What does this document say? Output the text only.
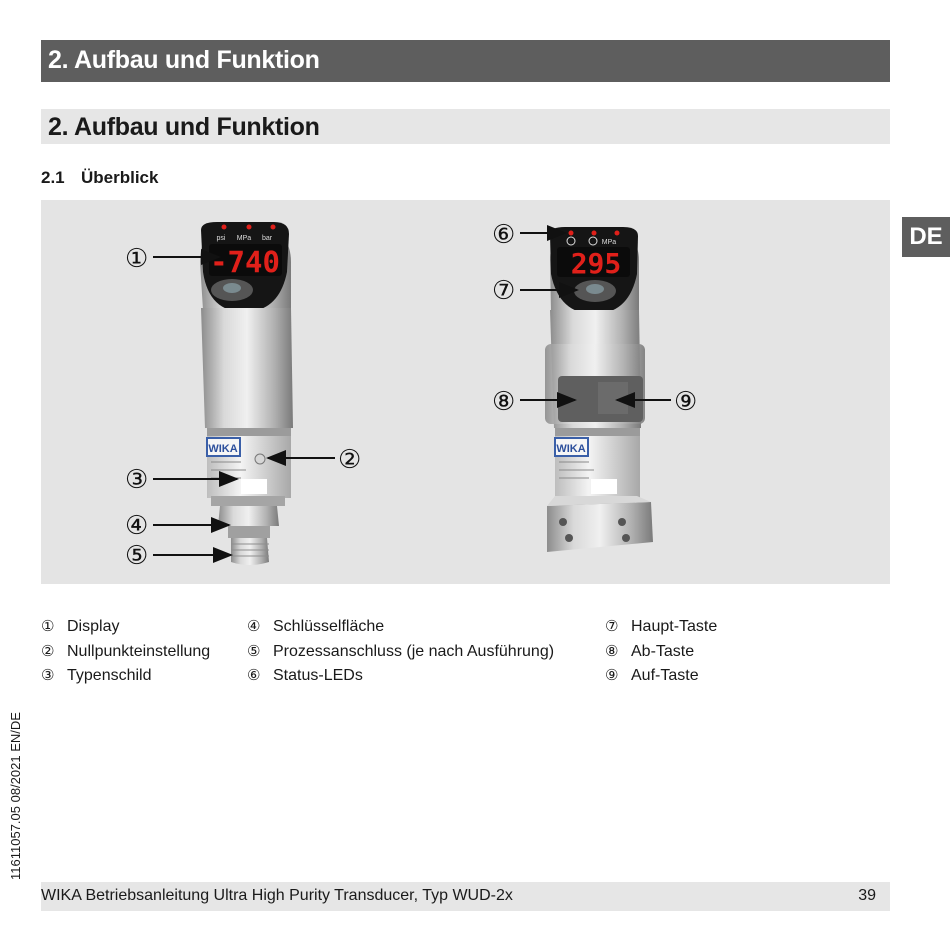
2. Aufbau und Funktion
2. Aufbau und Funktion
2.1 Überblick
DE
-740
psi MPa bar
WIKA
295
MPa
WIKA
①
②
③
④
⑤
⑥
⑦
⑧	⑨
① Display
② Nullpunkteinstellung
③ Typenschild
④ Schlüsselfläche
⑤ Prozessanschluss (je nach Ausführung)
⑥ Status-LEDs
⑦ Haupt-Taste
⑧ Ab-Taste
⑨ Auf-Taste
11611057.05 08/2021 EN/DE
WIKA Betriebsanleitung Ultra High Purity Transducer, Typ WUD-2x	39
